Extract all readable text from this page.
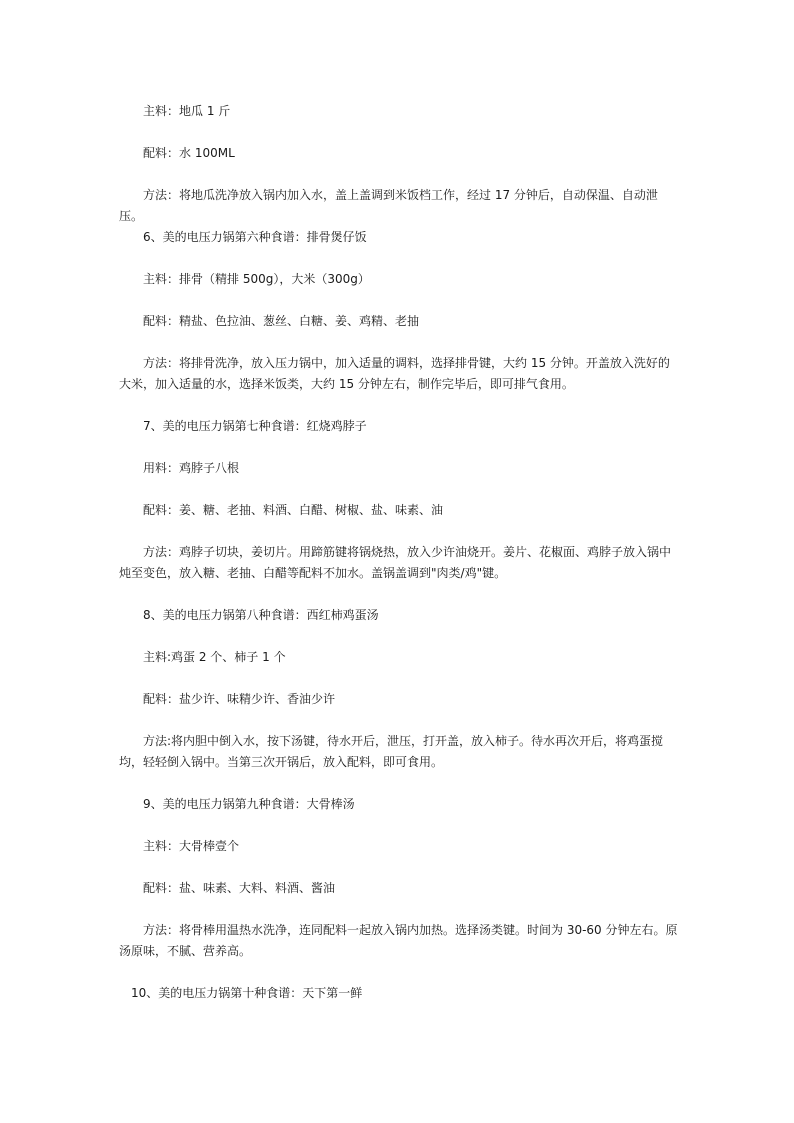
主料：地瓜 1 斤

配料：水 100ML

方法：将地瓜洗净放入锅内加入水，盖上盖调到米饭档工作，经过 17 分钟后，自动保温、自动泄压。

6、美的电压力锅第六种食谱：排骨煲仔饭

主料：排骨（精排 500g），大米（300g）

配料：精盐、色拉油、葱丝、白糖、姜、鸡精、老抽

方法：将排骨洗净，放入压力锅中，加入适量的调料，选择排骨键，大约 15 分钟。开盖放入洗好的大米，加入适量的水，选择米饭类，大约 15 分钟左右，制作完毕后，即可排气食用。

7、美的电压力锅第七种食谱：红烧鸡脖子

用料：鸡脖子八根

配料：姜、糖、老抽、料酒、白醋、树椒、盐、味素、油

方法：鸡脖子切块，姜切片。用蹄筋键将锅烧热，放入少许油烧开。姜片、花椒面、鸡脖子放入锅中炖至变色，放入糖、老抽、白醋等配料不加水。盖锅盖调到"肉类/鸡"键。

8、美的电压力锅第八种食谱：西红柿鸡蛋汤

主料:鸡蛋 2 个、柿子 1 个

配料：盐少许、味精少许、香油少许

方法:将内胆中倒入水，按下汤键，待水开后，泄压，打开盖，放入柿子。待水再次开后，将鸡蛋搅均，轻轻倒入锅中。当第三次开锅后，放入配料，即可食用。

9、美的电压力锅第九种食谱：大骨棒汤

主料：大骨棒壹个

配料：盐、味素、大料、料酒、酱油

方法：将骨棒用温热水洗净，连同配料一起放入锅内加热。选择汤类键。时间为 30-60 分钟左右。原汤原味，不腻、营养高。

10、美的电压力锅第十种食谱：天下第一鲜
